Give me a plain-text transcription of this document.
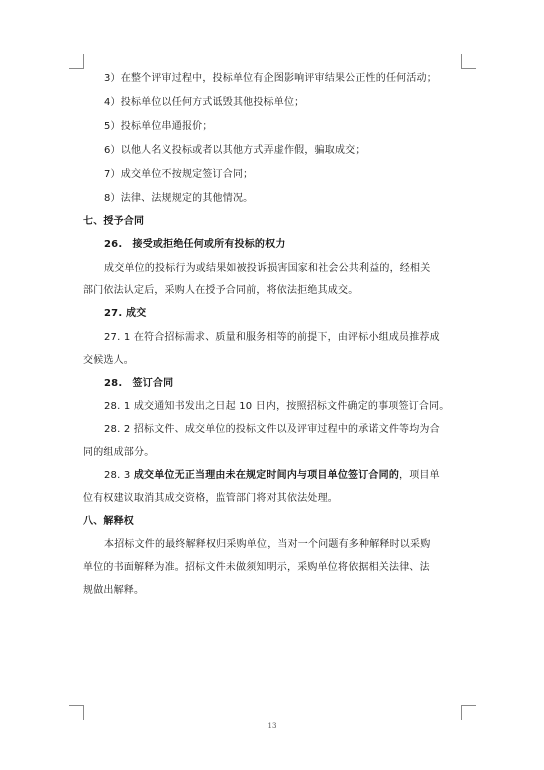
3）在整个评审过程中，投标单位有企图影响评审结果公正性的任何活动；
4）投标单位以任何方式诋毁其他投标单位；
5）投标单位串通报价；
6）以他人名义投标或者以其他方式弄虚作假，骗取成交；
7）成交单位不按规定签订合同；
8）法律、法规规定的其他情况。
七、授予合同
26.　接受或拒绝任何或所有投标的权力
成交单位的投标行为或结果如被投诉损害国家和社会公共利益的，经相关
部门依法认定后，采购人在授予合同前，将依法拒绝其成交。
27. 成交
27. 1 在符合招标需求、质量和服务相等的前提下，由评标小组成员推荐成
交候选人。
28.　签订合同
28. 1 成交通知书发出之日起 10 日内，按照招标文件确定的事项签订合同。
28. 2 招标文件、成交单位的投标文件以及评审过程中的承诺文件等均为合
同的组成部分。
28. 3 成交单位无正当理由未在规定时间内与项目单位签订合同的，项目单
位有权建议取消其成交资格，监管部门将对其依法处理。
八、解释权
本招标文件的最终解释权归采购单位，当对一个问题有多种解释时以采购
单位的书面解释为准。招标文件未做须知明示，采购单位将依据相关法律、法
规做出解释。
13
